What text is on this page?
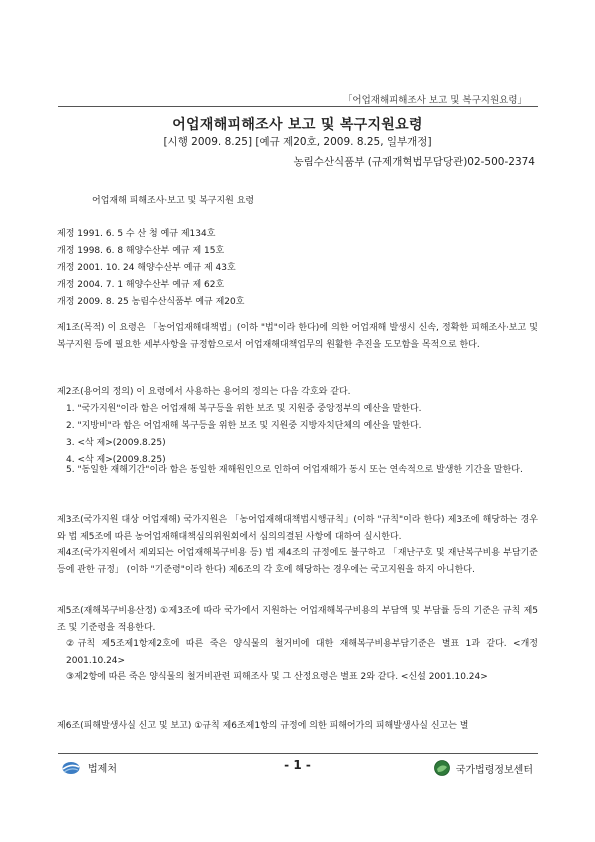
「어업재해피해조사 보고 및 복구지원요령」
어업재해피해조사 보고 및 복구지원요령
[시행 2009. 8.25] [예규 제20호, 2009. 8.25, 일부개정]
농림수산식품부 (규제개혁법무담당관)02-500-2374
어업재해 피해조사·보고 및 복구지원 요령
제정 1991. 6. 5 수 산 청 예규 제134호
개정 1998. 6. 8 해양수산부 예규 제 15호
개정 2001. 10. 24 해양수산부 예규 제 43호
개정 2004. 7. 1 해양수산부 예규 제 62호
개정 2009. 8. 25 농림수산식품부 예규 제20호
제1조(목적) 이 요령은 「농어업재해대책법」(이하 "법"이라 한다)에 의한 어업재해 발생시 신속, 정확한 피해조사·보고 및 복구지원 등에 필요한 세부사항을 규정함으로서 어업재해대책업무의 원활한 추진을 도모함을 목적으로 한다.
제2조(용어의 정의) 이 요령에서 사용하는 용어의 정의는 다음 각호와 같다.
1. "국가지원"이라 함은 어업재해 복구등을 위한 보조 및 지원중 중앙정부의 예산을 말한다.
2. "지방비"라 함은 어업재해 복구등을 위한 보조 및 지원중 지방자치단체의 예산을 말한다.
3. <삭 제>(2009.8.25)
4. <삭 제>(2009.8.25)
5. "동일한 재해기간"이라 함은 동일한 재해원인으로 인하여 어업재해가 동시 또는 연속적으로 발생한 기간을 말한다.
제3조(국가지원 대상 어업재해) 국가지원은 「농어업재해대책법시행규칙」(이하 "규칙"이라 한다) 제3조에 해당하는 경우와 법 제5조에 따른 농어업재해대책심의위원회에서 심의의결된 사항에 대하여 실시한다.
제4조(국가지원에서 제외되는 어업재해복구비용 등) 법 제4조의 규정에도 불구하고 「재난구호 및 재난복구비용 부담기준 등에 관한 규정」 (이하 "기준령"이라 한다) 제6조의 각 호에 해당하는 경우에는 국고지원을 하지 아니한다.
제5조(재해복구비용산정) ①제3조에 따라 국가에서 지원하는 어업재해복구비용의 부담액 및 부담률 등의 기준은 규칙 제5조 및 기준령을 적용한다.
②규칙 제5조제1항제2호에 따른 죽은 양식물의 철거비에 대한 재해복구비용부담기준은 별표 1과 같다. <개정 2001.10.24>
③제2항에 따른 죽은 양식물의 철거비관련 피해조사 및 그 산정요령은 별표 2와 같다. <신설 2001.10.24>
제6조(피해발생사실 신고 및 보고) ①규칙 제6조제1항의 규정에 의한 피해어가의 피해발생사실 신고는 별
법제처	- 1 -	국가법령정보센터
